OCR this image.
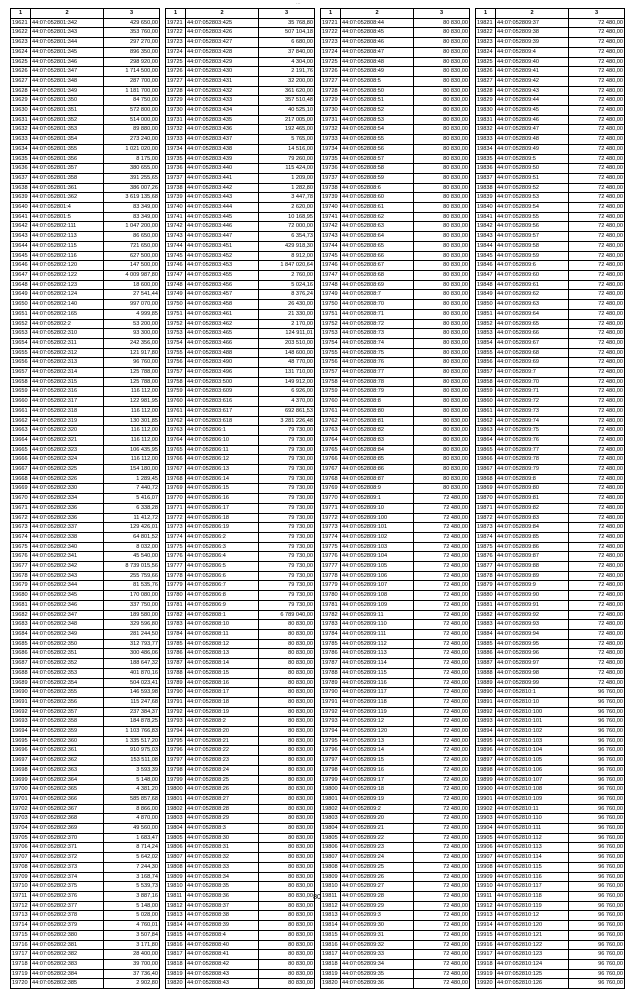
...
1	2	3
19621	44:07:052801:342	429 650,00
19622	44:07:052801:343	353 760,00
19623	44:07:052801:344	297 270,00
19624	44:07:052801:345	896 350,00
19625	44:07:052801:346	298 920,00
19626	44:07:052801:347	1 714 500,00
19627	44:07:052801:348	287 700,00
19628	44:07:052801:349	1 181 700,00
19629	44:07:052801:350	84 750,00
19630	44:07:052801:351	572 800,00
19631	44:07:052801:352	514 000,00
19632	44:07:052801:353	89 880,00
19633	44:07:052801:354	273 240,00
19634	44:07:052801:355	1 021 020,00
19635	44:07:052801:356	8 175,00
19636	44:07:052801:357	380 655,00
19637	44:07:052801:358	391 255,65
19638	44:07:052801:361	386 007,26
19639	44:07:052801:362	3 619 135,68
19640	44:07:052801:4	83 349,00
19641	44:07:052801:5	83 349,00
19642	44:07:052802:111	1 047 200,00
19643	44:07:052802:113	86 650,00
19644	44:07:052802:115	721 650,00
19645	44:07:052802:116	627 500,00
19646	44:07:052802:120	147 500,00
19647	44:07:052802:122	4 009 987,80
19648	44:07:052802:123	18 600,00
19649	44:07:052802:124	27 541,44
19650	44:07:052802:140	997 070,00
19651	44:07:052802:165	4 999,85
19652	44:07:052802:2	53 200,00
19653	44:07:052802:310	93 300,00
19654	44:07:052802:311	242 356,00
19655	44:07:052802:312	121 917,80
19656	44:07:052802:313	96 760,00
19657	44:07:052802:314	125 788,00
19658	44:07:052802:315	125 788,00
19659	44:07:052802:316	116 112,00
19660	44:07:052802:317	122 981,95
19661	44:07:052802:318	116 112,00
19662	44:07:052802:319	130 301,85
19663	44:07:052802:320	116 112,00
19664	44:07:052802:321	116 112,00
19665	44:07:052802:323	106 435,95
19666	44:07:052802:324	116 112,00
19667	44:07:052802:325	154 180,00
19668	44:07:052802:326	1 289,45
19669	44:07:052802:330	7 440,72
19670	44:07:052802:334	5 416,07
19671	44:07:052802:336	6 338,28
19672	44:07:052802:336	11 412,72
19673	44:07:052802:337	129 426,01
19674	44:07:052802:338	64 801,52
19675	44:07:052802:340	8 032,00
19676	44:07:052802:341	45 540,00
19677	44:07:052802:342	8 739 015,56
19678	44:07:052802:343	255 759,66
19679	44:07:052802:344	81 535,76
19680	44:07:052802:345	170 080,00
19681	44:07:052802:346	337 750,00
19682	44:07:052802:347	189 580,00
19683	44:07:052802:348	329 596,80
19684	44:07:052802:349	281 244,50
19685	44:07:052802:350	312 793,77
19686	44:07:052802:351	300 486,06
19687	44:07:052802:352	188 647,32
19688	44:07:052802:353	401 870,16
19689	44:07:052802:354	504 023,41
19690	44:07:052802:355	146 593,98
19691	44:07:052802:356	115 247,68
19692	44:07:052802:357	237 384,37
19693	44:07:052802:358	184 878,25
19694	44:07:052802:359	1 103 766,83
19695	44:07:052802:360	1 335 517,20
19696	44:07:052802:361	910 975,03
19697	44:07:052802:362	153 511,08
19698	44:07:052802:363	3 593,39
19699	44:07:052802:364	5 148,00
19700	44:07:052802:365	4 381,20
19701	44:07:052802:366	585 857,68
19702	44:07:052802:367	8 866,00
19703	44:07:052802:368	4 870,00
19704	44:07:052802:369	49 560,00
19705	44:07:052802:370	1 683,47
19706	44:07:052802:371	8 714,24
19707	44:07:052802:372	5 642,02
19708	44:07:052802:373	7 244,30
19709	44:07:052802:374	3 168,74
19710	44:07:052802:375	5 539,73
19711	44:07:052802:376	3 887,16
19712	44:07:052802:377	5 148,00
19713	44:07:052802:378	5 028,00
19714	44:07:052802:379	4 760,01
19715	44:07:052802:380	3 507,84
19716	44:07:052802:381	3 171,80
19717	44:07:052802:382	28 400,00
19718	44:07:052802:383	39 700,00
19719	44:07:052802:384	37 736,40
19720	44:07:052802:385	2 902,80
1	2	3
19721	44:07:052803:425	35 768,80
19722	44:07:052803:426	507 104,18
19723	44:07:052803:427	6 680,00
19724	44:07:052803:428	37 840,00
19725	44:07:052803:429	4 304,00
19726	44:07:052803:430	2 191,76
19727	44:07:052803:431	32 200,00
19728	44:07:052803:432	361 620,00
19729	44:07:052803:433	357 510,48
19730	44:07:052803:434	40 525,10
19731	44:07:052803:435	217 005,00
19732	44:07:052803:436	192 465,00
19733	44:07:052803:437	5 765,00
19734	44:07:052803:438	14 516,00
19735	44:07:052803:439	79 260,00
19736	44:07:052803:440	115 424,00
19737	44:07:052803:441	1 209,00
19738	44:07:052803:442	1 282,80
19739	44:07:052803:443	3 447,78
19740	44:07:052803:444	2 620,00
19741	44:07:052803:445	10 168,95
19742	44:07:052803:446	72 000,00
19743	44:07:052803:447	6 354,73
19744	44:07:052803:451	429 918,30
19745	44:07:052803:452	8 912,00
19746	44:07:052803:453	1 847 020,64
19747	44:07:052803:455	2 760,00
19748	44:07:052803:456	5 024,16
19749	44:07:052803:457	8 376,24
19750	44:07:052803:458	26 430,00
19751	44:07:052803:461	21 330,00
19752	44:07:052803:462	2 170,00
19753	44:07:052803:465	124 911,01
19754	44:07:052803:466	203 510,00
19755	44:07:052803:488	148 600,00
19756	44:07:052803:490	48 770,00
19757	44:07:052803:496	131 710,00
19758	44:07:052803:500	149 912,00
19759	44:07:052803:609	6 926,00
19760	44:07:052803:616	4 370,00
19761	44:07:052803:617	692 861,53
19762	44:07:052803:618	3 281 226,48
19763	44:07:052806:1	79 730,00
19764	44:07:052806:10	79 730,00
19765	44:07:052806:11	79 730,00
19766	44:07:052806:12	79 730,00
19767	44:07:052806:13	79 730,00
19768	44:07:052806:14	79 730,00
19769	44:07:052806:15	79 730,00
19770	44:07:052806:16	79 730,00
19771	44:07:052806:17	79 730,00
19772	44:07:052806:18	79 730,00
19773	44:07:052806:19	79 730,00
19774	44:07:052806:2	79 730,00
19775	44:07:052806:3	79 730,00
19776	44:07:052806:4	79 730,00
19777	44:07:052806:5	79 730,00
19778	44:07:052806:6	79 730,00
19779	44:07:052806:7	79 730,00
19780	44:07:052806:8	79 730,00
19781	44:07:052806:9	79 730,00
19782	44:07:052808:1	6 789 040,00
19783	44:07:052808:10	80 830,00
19784	44:07:052808:11	80 830,00
19785	44:07:052808:12	80 830,00
19786	44:07:052808:13	80 830,00
19787	44:07:052808:14	80 830,00
19788	44:07:052808:15	80 830,00
19789	44:07:052808:16	80 830,00
19790	44:07:052808:17	80 830,00
19791	44:07:052808:18	80 830,00
19792	44:07:052808:19	80 830,00
19793	44:07:052808:2	80 830,00
19794	44:07:052808:20	80 830,00
19795	44:07:052808:21	80 830,00
19796	44:07:052808:22	80 830,00
19797	44:07:052808:23	80 830,00
19798	44:07:052808:24	80 830,00
19799	44:07:052808:25	80 830,00
19800	44:07:052808:26	80 830,00
19801	44:07:052808:27	80 830,00
19802	44:07:052808:28	80 830,00
19803	44:07:052808:29	80 830,00
19804	44:07:052808:3	80 830,00
19805	44:07:052808:30	80 830,00
19806	44:07:052808:31	80 830,00
19807	44:07:052808:32	80 830,00
19808	44:07:052808:33	80 830,00
19809	44:07:052808:34	80 830,00
19810	44:07:052808:35	80 830,00
19811	44:07:052808:36	80 830,00
19812	44:07:052808:37	80 830,00
19813	44:07:052808:38	80 830,00
19814	44:07:052808:39	80 830,00
19815	44:07:052808:4	80 830,00
19816	44:07:052808:40	80 830,00
19817	44:07:052808:41	80 830,00
19818	44:07:052808:42	80 830,00
19819	44:07:052808:43	80 830,00
19820	44:07:052808:43	80 830,00
1	2	3
19721	44:07:052808:44	80 830,00
19722	44:07:052808:45	80 830,00
19723	44:07:052808:46	80 830,00
19724	44:07:052808:47	80 830,00
19725	44:07:052808:48	80 830,00
19726	44:07:052808:49	80 830,00
19727	44:07:052808:5	80 830,00
19728	44:07:052808:50	80 830,00
19729	44:07:052808:51	80 830,00
19730	44:07:052808:52	80 830,00
19731	44:07:052808:53	80 830,00
19732	44:07:052808:54	80 830,00
19733	44:07:052808:55	80 830,00
19734	44:07:052808:56	80 830,00
19735	44:07:052808:57	80 830,00
19736	44:07:052808:58	80 830,00
19737	44:07:052808:59	80 830,00
19738	44:07:052808:6	80 830,00
19739	44:07:052808:60	80 830,00
19740	44:07:052808:61	80 830,00
19741	44:07:052808:62	80 830,00
19742	44:07:052808:63	80 830,00
19743	44:07:052808:64	80 830,00
19744	44:07:052808:65	80 830,00
19745	44:07:052808:66	80 830,00
19746	44:07:052808:67	80 830,00
19747	44:07:052808:68	80 830,00
19748	44:07:052808:69	80 830,00
19749	44:07:052808:7	80 830,00
19750	44:07:052808:70	80 830,00
19751	44:07:052808:71	80 830,00
19752	44:07:052808:72	80 830,00
19753	44:07:052808:73	80 830,00
19754	44:07:052808:74	80 830,00
19755	44:07:052808:75	80 830,00
19756	44:07:052808:76	80 830,00
19757	44:07:052808:77	80 830,00
19758	44:07:052808:78	80 830,00
19759	44:07:052808:79	80 830,00
19760	44:07:052808:8	80 830,00
19761	44:07:052808:80	80 830,00
19762	44:07:052808:81	80 830,00
19763	44:07:052808:82	80 830,00
19764	44:07:052808:83	80 830,00
19765	44:07:052808:84	80 830,00
19766	44:07:052808:85	80 830,00
19767	44:07:052808:86	80 830,00
19768	44:07:052808:87	80 830,00
19769	44:07:052808:9	80 830,00
19770	44:07:052809:1	72 480,00
19771	44:07:052809:10	72 480,00
19772	44:07:052809:100	72 480,00
19773	44:07:052809:101	72 480,00
19774	44:07:052809:102	72 480,00
19775	44:07:052809:103	72 480,00
19776	44:07:052809:104	72 480,00
19777	44:07:052809:105	72 480,00
19778	44:07:052809:106	72 480,00
19779	44:07:052809:107	72 480,00
19780	44:07:052809:108	72 480,00
19781	44:07:052809:109	72 480,00
19782	44:07:052809:11	72 480,00
19783	44:07:052809:110	72 480,00
19784	44:07:052809:111	72 480,00
19785	44:07:052809:112	72 480,00
19786	44:07:052809:113	72 480,00
19787	44:07:052809:114	72 480,00
19788	44:07:052809:115	72 480,00
19789	44:07:052809:116	72 480,00
19790	44:07:052809:117	72 480,00
19791	44:07:052809:118	72 480,00
19792	44:07:052809:119	72 480,00
19793	44:07:052809:12	72 480,00
19794	44:07:052809:120	72 480,00
19795	44:07:052809:13	72 480,00
19796	44:07:052809:14	72 480,00
19797	44:07:052809:15	72 480,00
19798	44:07:052809:16	72 480,00
19799	44:07:052809:17	72 480,00
19800	44:07:052809:18	72 480,00
19801	44:07:052809:19	72 480,00
19802	44:07:052809:2	72 480,00
19803	44:07:052809:20	72 480,00
19804	44:07:052809:21	72 480,00
19805	44:07:052809:22	72 480,00
19806	44:07:052809:23	72 480,00
19807	44:07:052809:24	72 480,00
19808	44:07:052809:25	72 480,00
19809	44:07:052809:26	72 480,00
19810	44:07:052809:27	72 480,00
19811	44:07:052809:28	72 480,00
19812	44:07:052809:29	72 480,00
19813	44:07:052809:3	72 480,00
19814	44:07:052809:30	72 480,00
19815	44:07:052809:31	72 480,00
19816	44:07:052809:32	72 480,00
19817	44:07:052809:33	72 480,00
19818	44:07:052809:34	72 480,00
19819	44:07:052809:35	72 480,00
19820	44:07:052809:36	72 480,00
1	2	3
19821	44:07:052809:37	72 480,00
19822	44:07:052809:38	72 480,00
19823	44:07:052809:39	72 480,00
19824	44:07:052809:4	72 480,00
19825	44:07:052809:40	72 480,00
19826	44:07:052809:41	72 480,00
19827	44:07:052809:42	72 480,00
19828	44:07:052809:43	72 480,00
19829	44:07:052809:44	72 480,00
19830	44:07:052809:45	72 480,00
19831	44:07:052809:46	72 480,00
19832	44:07:052809:47	72 480,00
19833	44:07:052809:48	72 480,00
19834	44:07:052809:49	72 480,00
19835	44:07:052809:5	72 480,00
19836	44:07:052809:50	72 480,00
19837	44:07:052809:51	72 480,00
19838	44:07:052809:52	72 480,00
19839	44:07:052809:53	72 480,00
19840	44:07:052809:54	72 480,00
19841	44:07:052809:55	72 480,00
19842	44:07:052809:56	72 480,00
19843	44:07:052809:57	72 480,00
19844	44:07:052809:58	72 480,00
19845	44:07:052809:59	72 480,00
19846	44:07:052809:6	72 480,00
19847	44:07:052809:60	72 480,00
19848	44:07:052809:61	72 480,00
19849	44:07:052809:62	72 480,00
19850	44:07:052809:63	72 480,00
19851	44:07:052809:64	72 480,00
19852	44:07:052809:65	72 480,00
19853	44:07:052809:66	72 480,00
19854	44:07:052809:67	72 480,00
19855	44:07:052809:68	72 480,00
19856	44:07:052809:69	72 480,00
19857	44:07:052809:7	72 480,00
19858	44:07:052809:70	72 480,00
19859	44:07:052809:71	72 480,00
19860	44:07:052809:72	72 480,00
19861	44:07:052809:73	72 480,00
19862	44:07:052809:74	72 480,00
19863	44:07:052809:75	72 480,00
19864	44:07:052809:76	72 480,00
19865	44:07:052809:77	72 480,00
19866	44:07:052809:78	72 480,00
19867	44:07:052809:79	72 480,00
19868	44:07:052809:8	72 480,00
19869	44:07:052809:80	72 480,00
19870	44:07:052809:81	72 480,00
19871	44:07:052809:82	72 480,00
19872	44:07:052809:83	72 480,00
19873	44:07:052809:84	72 480,00
19874	44:07:052809:85	72 480,00
19875	44:07:052809:86	72 480,00
19876	44:07:052809:87	72 480,00
19877	44:07:052809:88	72 480,00
19878	44:07:052809:89	72 480,00
19879	44:07:052809:9	72 480,00
19880	44:07:052809:90	72 480,00
19881	44:07:052809:91	72 480,00
19882	44:07:052809:92	72 480,00
19883	44:07:052809:93	72 480,00
19884	44:07:052809:94	72 480,00
19885	44:07:052809:95	72 480,00
19886	44:07:052809:96	72 480,00
19887	44:07:052809:97	72 480,00
19888	44:07:052809:98	72 480,00
19889	44:07:052809:99	72 480,00
19890	44:07:052810:1	96 760,00
19891	44:07:052810:10	96 760,00
19892	44:07:052810:100	96 760,00
19893	44:07:052810:101	96 760,00
19894	44:07:052810:102	96 760,00
19895	44:07:052810:103	96 760,00
19896	44:07:052810:104	96 760,00
19897	44:07:052810:105	96 760,00
19898	44:07:052810:106	96 760,00
19899	44:07:052810:107	96 760,00
19900	44:07:052810:108	96 760,00
19901	44:07:052810:109	96 760,00
19902	44:07:052810:11	96 760,00
19903	44:07:052810:110	96 760,00
19904	44:07:052810:111	96 760,00
19905	44:07:052810:112	96 760,00
19906	44:07:052810:113	96 760,00
19907	44:07:052810:114	96 760,00
19908	44:07:052810:115	96 760,00
19909	44:07:052810:116	96 760,00
19910	44:07:052810:117	96 760,00
19911	44:07:052810:118	96 760,00
19912	44:07:052810:119	96 760,00
19913	44:07:052810:12	96 760,00
19914	44:07:052810:120	96 760,00
19915	44:07:052810:121	96 760,00
19916	44:07:052810:122	96 760,00
19917	44:07:052810:123	96 760,00
19918	44:07:052810:124	96 760,00
19919	44:07:052810:125	96 760,00
19920	44:07:052810:126	96 760,00
80
